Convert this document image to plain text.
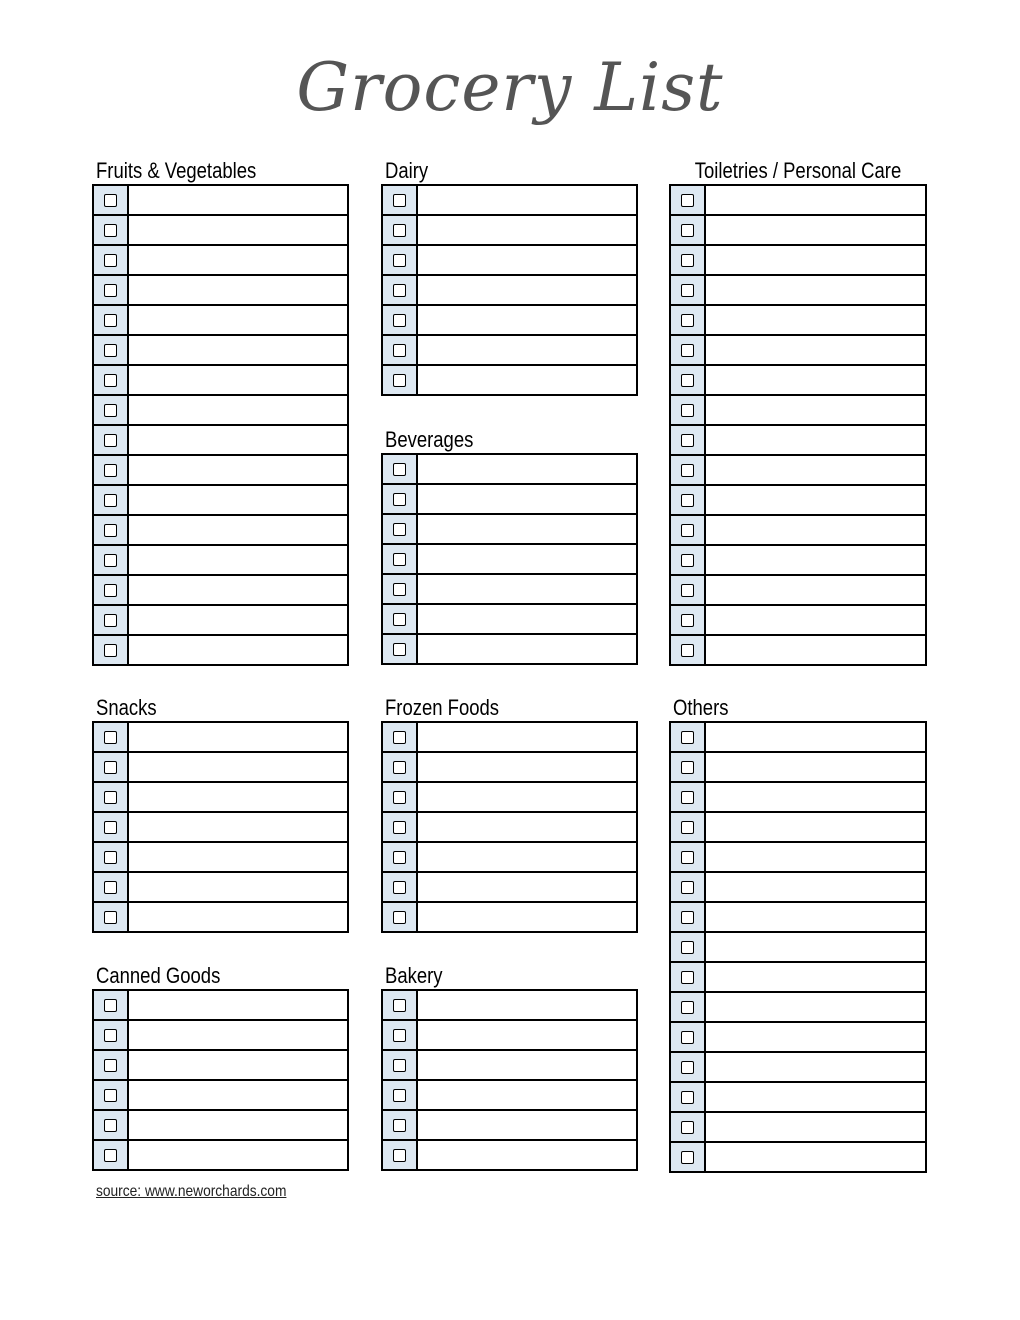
Grocery List
Fruits & Vegetables	Dairy	Toiletries / Personal Care
Beverages
Snacks	Frozen Foods	Others
Canned Goods	Bakery
source: www.neworchards.com
